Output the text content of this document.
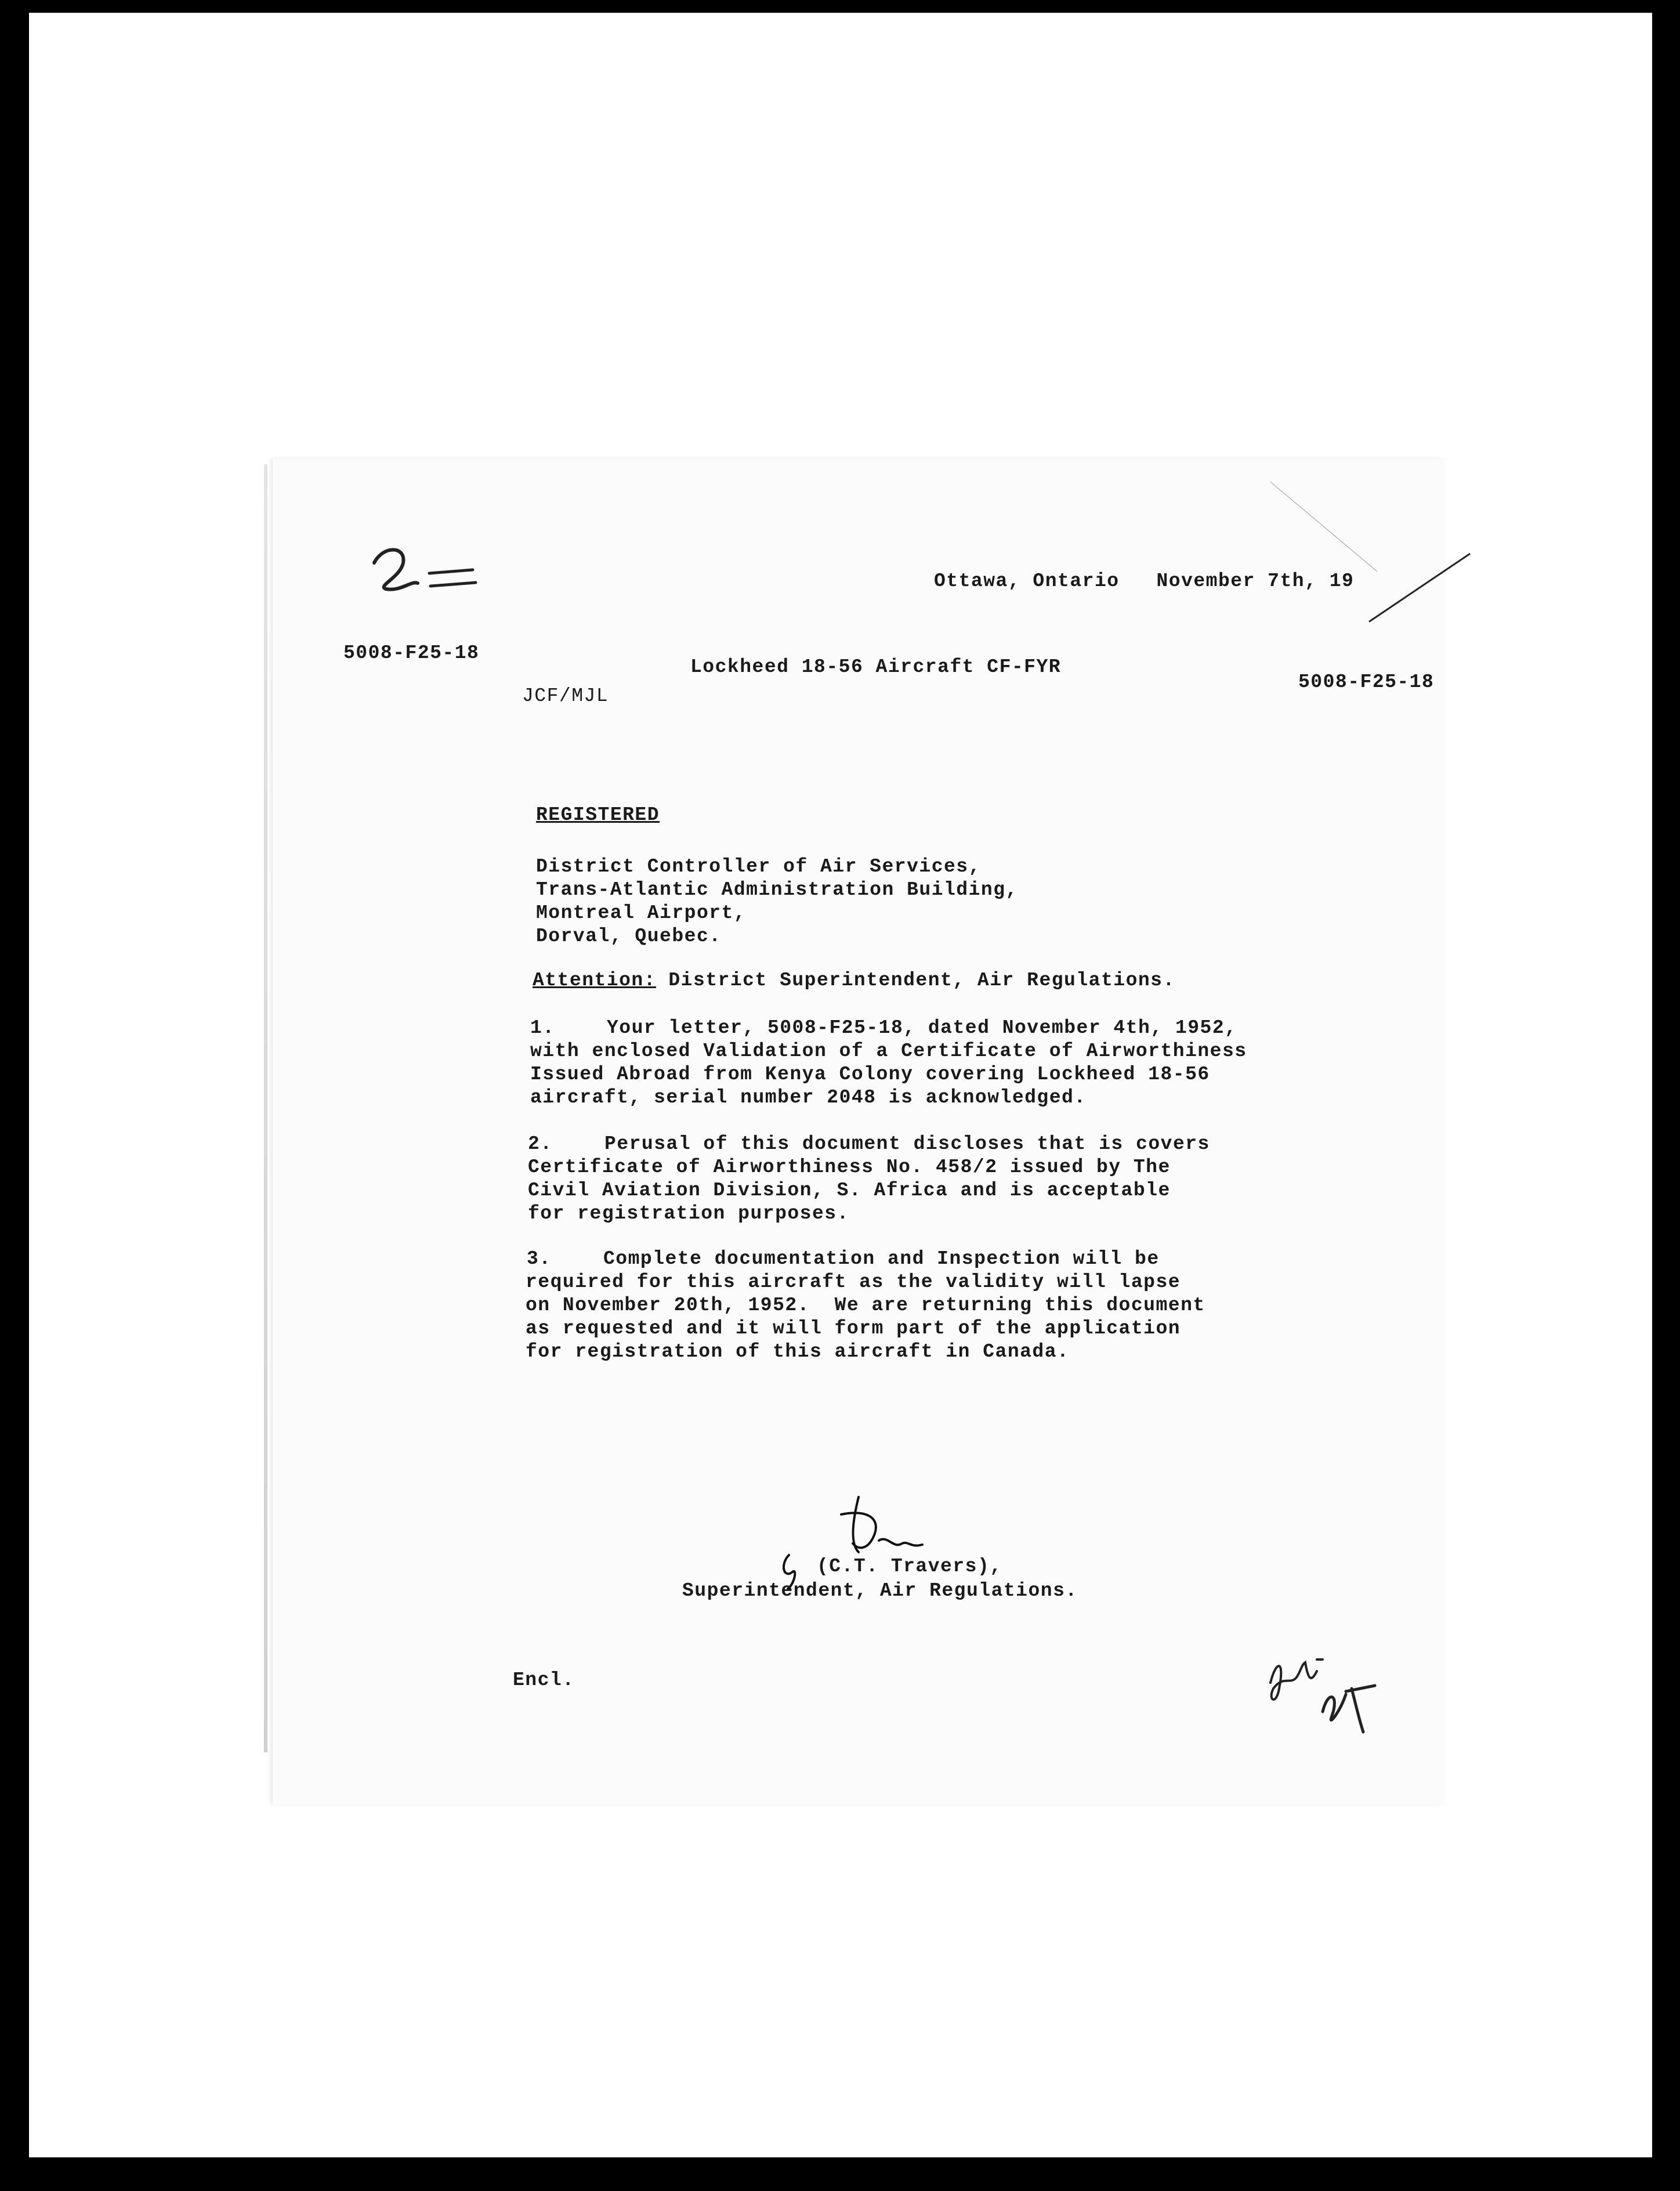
Ottawa, Ontario   November 7th, 19
5008-F25-18
Lockheed 18-56 Aircraft CF-FYR
5008-F25-18
JCF/MJL
REGISTERED
District Controller of Air Services,
Trans-Atlantic Administration Building,
Montreal Airport,
Dorval, Quebec.
Attention: District Superintendent, Air Regulations.
1.	Your letter, 5008-F25-18, dated November 4th, 1952,
with enclosed Validation of a Certificate of Airworthiness
Issued Abroad from Kenya Colony covering Lockheed 18-56
aircraft, serial number 2048 is acknowledged.
2.	Perusal of this document discloses that is covers
Certificate of Airworthiness No. 458/2 issued by The
Civil Aviation Division, S. Africa and is acceptable
for registration purposes.
3.	Complete documentation and Inspection will be
required for this aircraft as the validity will lapse
on November 20th, 1952.  We are returning this document
as requested and it will form part of the application
for registration of this aircraft in Canada.
(C.T. Travers),
Superintendent, Air Regulations.
Encl.
